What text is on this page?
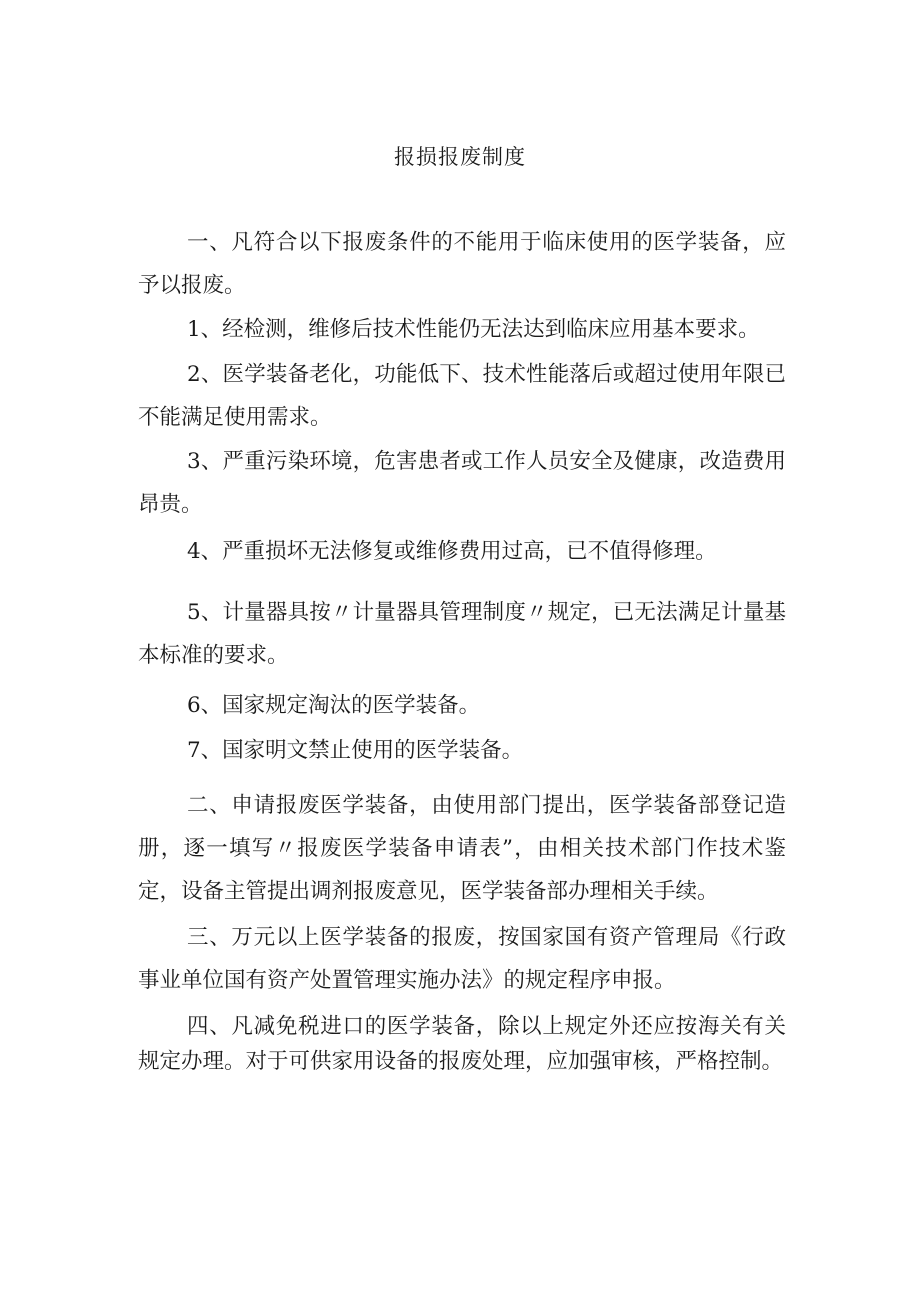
报损报废制度

一、凡符合以下报废条件的不能用于临床使用的医学装备，应予以报废。

1、经检测，维修后技术性能仍无法达到临床应用基本要求。

2、医学装备老化，功能低下、技术性能落后或超过使用年限已不能满足使用需求。

3、严重污染环境，危害患者或工作人员安全及健康，改造费用昂贵。

4、严重损坏无法修复或维修费用过高，已不值得修理。

5、计量器具按〃计量器具管理制度〃规定，已无法满足计量基本标准的要求。

6、国家规定淘汰的医学装备。

7、国家明文禁止使用的医学装备。

二、申请报废医学装备，由使用部门提出，医学装备部登记造册，逐一填写〃报废医学装备申请表”，由相关技术部门作技术鉴定，设备主管提出调剂报废意见，医学装备部办理相关手续。

三、万元以上医学装备的报废，按国家国有资产管理局《行政事业单位国有资产处置管理实施办法》的规定程序申报。

四、凡减免税进口的医学装备，除以上规定外还应按海关有关规定办理。对于可供家用设备的报废处理，应加强审核，严格控制。
